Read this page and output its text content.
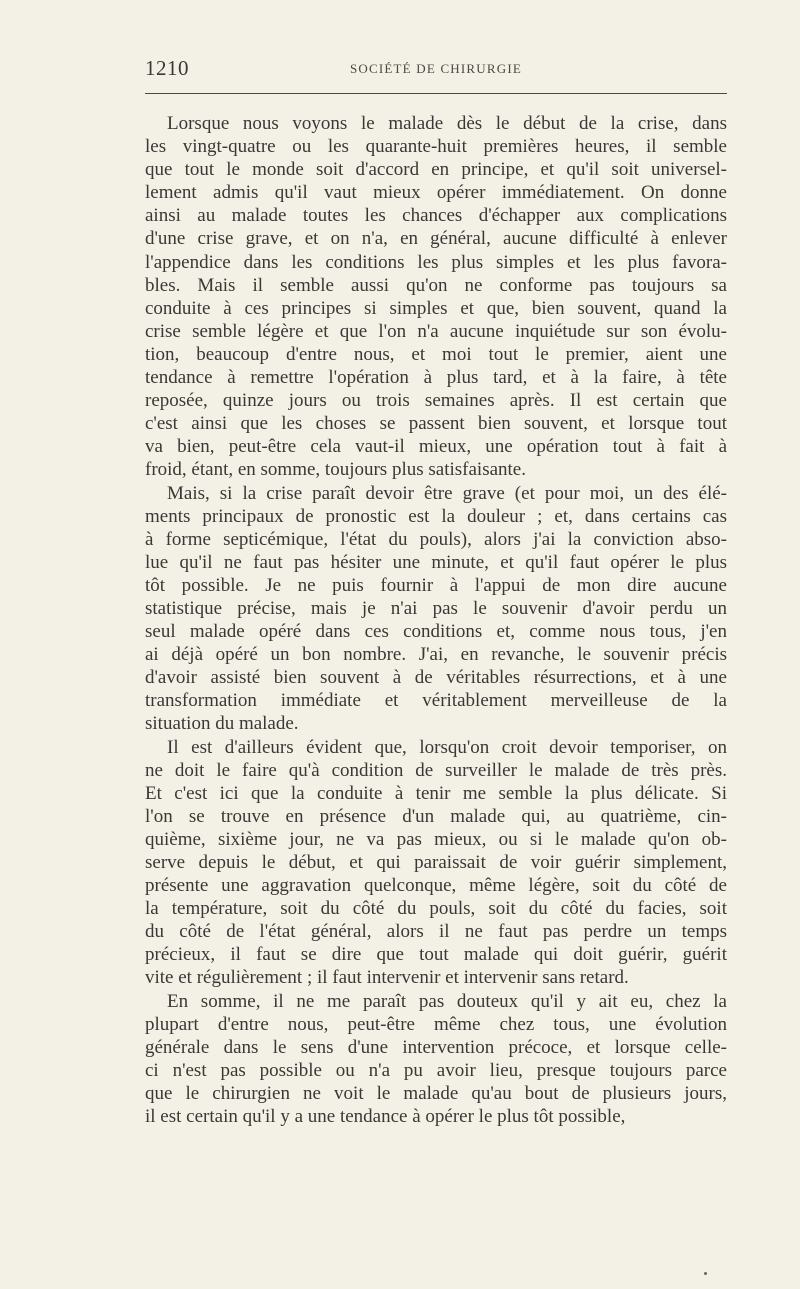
1210	SOCIÉTÉ DE CHIRURGIE

Lorsque nous voyons le malade dès le début de la crise, dans
les vingt-quatre ou les quarante-huit premières heures, il semble
que tout le monde soit d'accord en principe, et qu'il soit universel-
lement admis qu'il vaut mieux opérer immédiatement. On donne
ainsi au malade toutes les chances d'échapper aux complications
d'une crise grave, et on n'a, en général, aucune difficulté à enlever
l'appendice dans les conditions les plus simples et les plus favora-
bles. Mais il semble aussi qu'on ne conforme pas toujours sa
conduite à ces principes si simples et que, bien souvent, quand la
crise semble légère et que l'on n'a aucune inquiétude sur son évolu-
tion, beaucoup d'entre nous, et moi tout le premier, aient une
tendance à remettre l'opération à plus tard, et à la faire, à tête
reposée, quinze jours ou trois semaines après. Il est certain que
c'est ainsi que les choses se passent bien souvent, et lorsque tout
va bien, peut-être cela vaut-il mieux, une opération tout à fait à
froid, étant, en somme, toujours plus satisfaisante.

Mais, si la crise paraît devoir être grave (et pour moi, un des élé-
ments principaux de pronostic est la douleur ; et, dans certains cas
à forme septicémique, l'état du pouls), alors j'ai la conviction abso-
lue qu'il ne faut pas hésiter une minute, et qu'il faut opérer le plus
tôt possible. Je ne puis fournir à l'appui de mon dire aucune
statistique précise, mais je n'ai pas le souvenir d'avoir perdu un
seul malade opéré dans ces conditions et, comme nous tous, j'en
ai déjà opéré un bon nombre. J'ai, en revanche, le souvenir précis
d'avoir assisté bien souvent à de véritables résurrections, et à une
transformation immédiate et véritablement merveilleuse de la
situation du malade.

Il est d'ailleurs évident que, lorsqu'on croit devoir temporiser, on
ne doit le faire qu'à condition de surveiller le malade de très près.
Et c'est ici que la conduite à tenir me semble la plus délicate. Si
l'on se trouve en présence d'un malade qui, au quatrième, cin-
quième, sixième jour, ne va pas mieux, ou si le malade qu'on ob-
serve depuis le début, et qui paraissait de voir guérir simplement,
présente une aggravation quelconque, même légère, soit du côté de
la température, soit du côté du pouls, soit du côté du facies, soit
du côté de l'état général, alors il ne faut pas perdre un temps
précieux, il faut se dire que tout malade qui doit guérir, guérit
vite et régulièrement ; il faut intervenir et intervenir sans retard.

En somme, il ne me paraît pas douteux qu'il y ait eu, chez la
plupart d'entre nous, peut-être même chez tous, une évolution
générale dans le sens d'une intervention précoce, et lorsque celle-
ci n'est pas possible ou n'a pu avoir lieu, presque toujours parce
que le chirurgien ne voit le malade qu'au bout de plusieurs jours,
il est certain qu'il y a une tendance à opérer le plus tôt possible,
